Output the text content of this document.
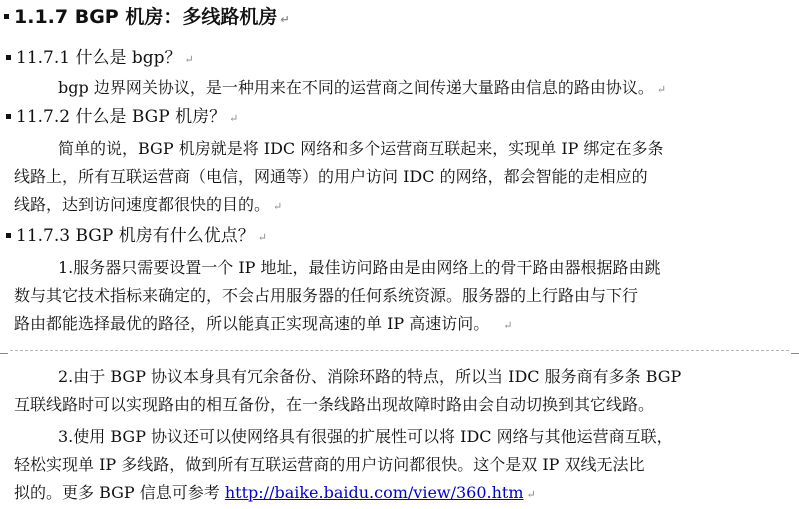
1.1.7 BGP 机房：多线路机房 ↵
11.7.1 什么是 bgp？ ↵
bgp 边界网关协议，是一种用来在不同的运营商之间传递大量路由信息的路由协议。 ↵
11.7.2 什么是 BGP 机房？ ↵
简单的说，BGP 机房就是将 IDC 网络和多个运营商互联起来，实现单 IP 绑定在多条
线路上，所有互联运营商（电信，网通等）的用户访问 IDC 的网络，都会智能的走相应的
线路，达到访问速度都很快的目的。 ↵
11.7.3 BGP 机房有什么优点？ ↵
1.服务器只需要设置一个 IP 地址，最佳访问路由是由网络上的骨干路由器根据路由跳
数与其它技术指标来确定的，不会占用服务器的任何系统资源。服务器的上行路由与下行
路由都能选择最优的路径，所以能真正实现高速的单 IP 高速访问。 ↵
2.由于 BGP 协议本身具有冗余备份、消除环路的特点，所以当 IDC 服务商有多条 BGP
互联线路时可以实现路由的相互备份，在一条线路出现故障时路由会自动切换到其它线路。
3.使用 BGP 协议还可以使网络具有很强的扩展性可以将 IDC 网络与其他运营商互联，
轻松实现单 IP 多线路，做到所有互联运营商的用户访问都很快。这个是双 IP 双线无法比
拟的。更多 BGP 信息可参考 http://baike.baidu.com/view/360.htm ↵
